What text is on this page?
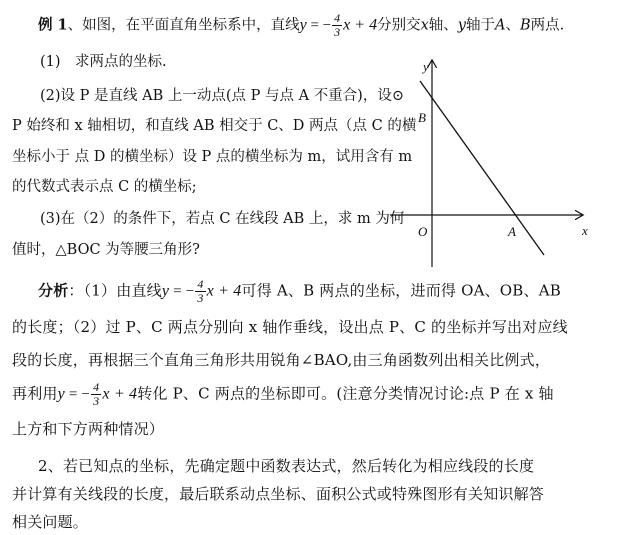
例 1、如图，在平面直角坐标系中，直线y = − $\frac{4}{3}$ x + 4分别交x轴、y轴于A、B两点.
(1)　求两点的坐标.
(2)设 P 是直线 AB 上一动点(点 P 与点 A 不重合)，设⊙
P 始终和 x 轴相切，和直线 AB 相交于 C、D 两点（点 C 的横
坐标小于 点 D 的横坐标）设 P 点的横坐标为 m，试用含有 m
的代数式表示点 C 的横坐标;
(3)在（2）的条件下，若点 C 在线段 AB 上，求 m 为何
值时，△BOC 为等腰三角形?
y
x
O	A
B
分析：（1）由直线y = − $\frac{4}{3}$ x + 4可得 A、B 两点的坐标，进而得 OA、OB、AB
的长度；（2）过 P、C 两点分别向 x 轴作垂线，设出点 P、C 的坐标并写出对应线
段的长度，再根据三个直角三角形共用锐角∠BAO,由三角函数列出相关比例式，
再利用y = − $\frac{4}{3}$ x + 4转化 P、C 两点的坐标即可。(注意分类情况讨论:点 P 在 x 轴
上方和下方两种情况）
2、若已知点的坐标，先确定题中函数表达式，然后转化为相应线段的长度
并计算有关线段的长度，最后联系动点坐标、面积公式或特殊图形有关知识解答
相关问题。
